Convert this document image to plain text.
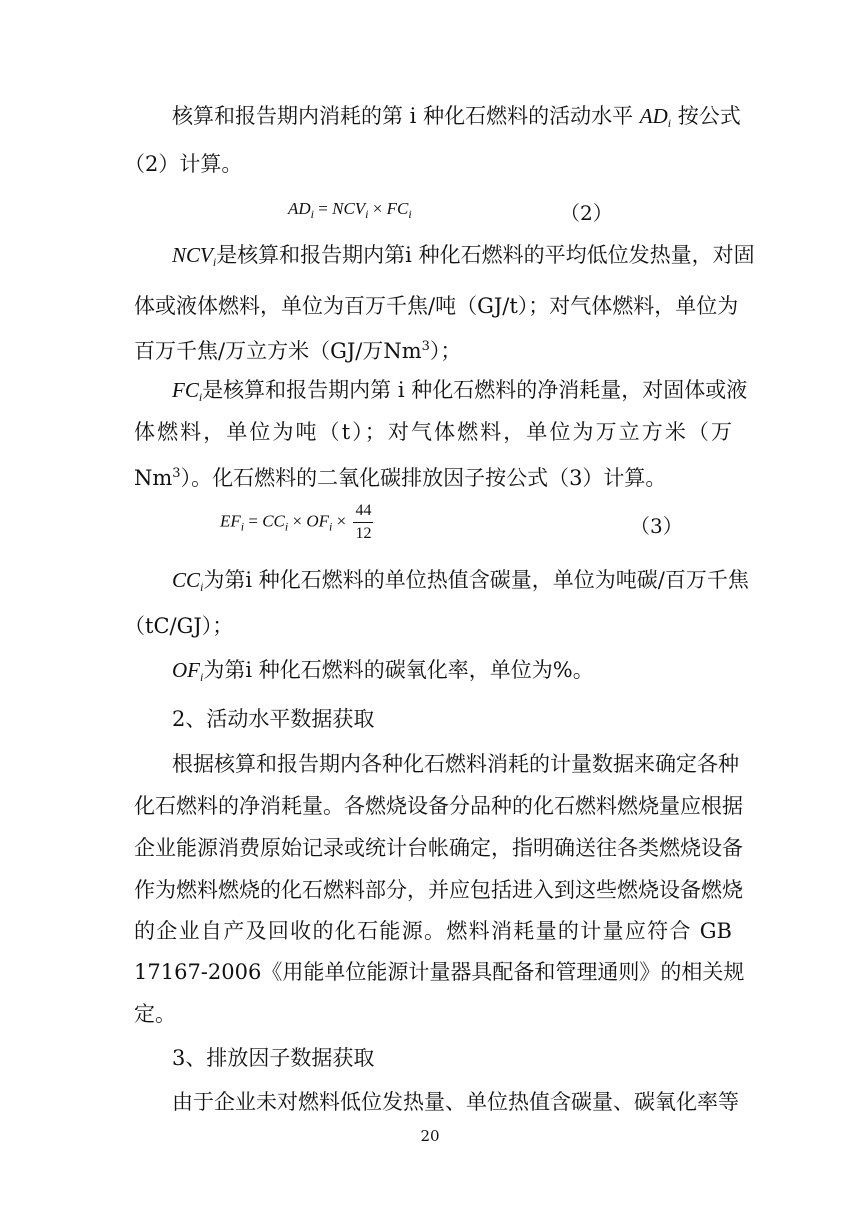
核算和报告期内消耗的第 i 种化石燃料的活动水平 $AD_i$ 按公式
（2）计算。
$AD_i = NCV_i \times FC_i$	（2）
$NCV_i$是核算和报告期内第i 种化石燃料的平均低位发热量，对固
体或液体燃料，单位为百万千焦/吨（GJ/t）；对气体燃料，单位为
百万千焦/万立方米（GJ/万Nm$^3$）；
$FC_i$是核算和报告期内第 i 种化石燃料的净消耗量，对固体或液
体燃料，单位为吨（t）；对气体燃料，单位为万立方米（万
Nm$^3$）。化石燃料的二氧化碳排放因子按公式（3）计算。
$EF_i = CC_i \times OF_i \times \frac{44}{12}$	（3）
$CC_i$为第i 种化石燃料的单位热值含碳量，单位为吨碳/百万千焦
（tC/GJ）；
$OF_i$为第i 种化石燃料的碳氧化率，单位为%。
2、活动水平数据获取
根据核算和报告期内各种化石燃料消耗的计量数据来确定各种
化石燃料的净消耗量。各燃烧设备分品种的化石燃料燃烧量应根据
企业能源消费原始记录或统计台帐确定，指明确送往各类燃烧设备
作为燃料燃烧的化石燃料部分，并应包括进入到这些燃烧设备燃烧
的企业自产及回收的化石能源。燃料消耗量的计量应符合 GB
17167-2006《用能单位能源计量器具配备和管理通则》的相关规
定。
3、排放因子数据获取
由于企业未对燃料低位发热量、单位热值含碳量、碳氧化率等
20
